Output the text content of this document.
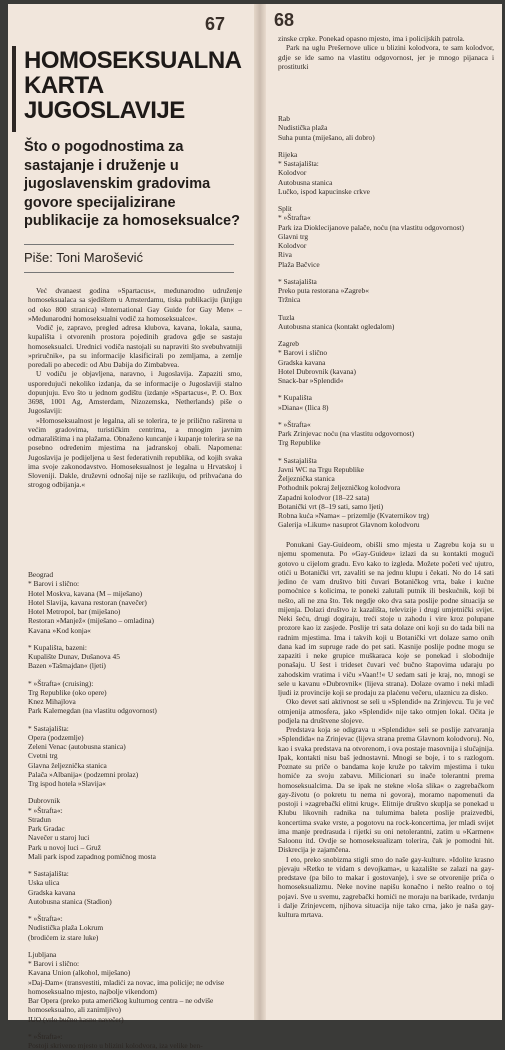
67	68
HOMOSEKSUALNA KARTA JUGOSLAVIJE

Što o pogodnostima za sastajanje i druženje u jugoslavenskim gradovima govore specijalizirane publikacije za homoseksualce?

Piše: Toni Marošević

Već dvanaest godina »Spartacus«, međunarodno udruženje homoseksualaca sa sjedištem u Amsterdamu, tiska publikaciju (knjigu od oko 800 stranica) »International Gay Guide for Gay Men« – »Međunarodni homoseksualni vodič za homoseksualce«.

Vodič je, zapravo, pregled adresa klubova, kavana, lokala, sauna, kupališta i otvorenih prostora pojedinih gradova gdje se sastaju homoseksualci. Urednici vodiča nastojali su napraviti što svebuhvatniji »priručnik«, pa su informacije klasificirali po zemljama, a zemlje poredali po abecedi: od Abu Dabija do Zimbabvea.

U vodiču je objavljena, naravno, i Jugoslavija. Zapaziti smo, usporedujući nekoliko izdanja, da se informacije o Jugoslaviji stalno dopunjuju. Evo što u jednom godištu (izdanje »Spartacus«, P. O. Box 3698, 1001 Ag, Amsterdam, Nizozemska, Netherlands) piše o Jugoslaviji:

»Homoseksualnost je legalna, ali se tolerira, te je prilično raširena u većim gradovima, turističkim centrima, a mnogim javnim odmaralištima i na plažama. Obnaženo kuncanje i kupanje tolerira se na posebno određenim mjestima na jadranskoj obali. Napomena: Jugoslavija je podijeljena u šest federativnih republika, od kojih svaka ima svoje zakonodavstvo. Homoseksualnost je legalna u Hrvatskoj i Sloveniji. Dakle, druževni odnošaj nije se razlikuju, od prihvaćana do strogog odbijanja.«

Beograd
* Barovi i slično:
Hotel Moskva, kavana (M – miješano)
Hotel Slavija, kavana restoran (navečer)
Hotel Metropol, bar (miješano)
Restoran »Manjež« (miješano – omladina)
Kavana »Kod konja«
* Kupališta, bazeni:
Kupalište Dunav, Dušanova 45
Bazen »Tašmajdan« (ljeti)
* »Štrafta« (cruising):
Trg Republike (oko opere)
Knez Mihajlova
Park Kalemegdan (na vlastitu odgovornost)
* Sastajališta:
Opera (podzemlje)
Zeleni Venac (autobusna stanica)
Cvetni trg
Glavna željeznička stanica
Palača »Albanija« (podzemni prolaz)
Trg ispod hotela »Slavija«
Dubrovnik
* »Štrafta«:
Stradun
Park Gradac
Navečer u starој luci
Park u novoj luci – Gruž
Mali park ispod zapadnog pomičnog mosta
* Sastajališta:
Uska ulica
Gradska kavana
Autobusna stanica (Stadion)
* »Štrafta«:
Nudistička plaža Lokrum
(brodićem iz stare luke)
Ljubljana
* Barovi i slično:
Kavana Union (alkohol, miješano)
»Daj-Dam« (transvestiti, mladići za novac, ima policije; ne odvise homoseksualno mjesto, najbolje vikendom)
Bar Opera (preko puta američkog kulturnog centra – ne odviše homoseksualno, ali zanimljivo)
IUO (vrlo bučno kasno navečer)
* »Štrafta«:
Postoji skriveno mjesto u blizini kolodvora, iza velike ben-

zinske crpke. Ponekad opasno mjesto, ima i policijskih patrola.

Park na uglu Prešernove ulice u blizini kolodvora, te sam kolodvor, gdje se ide samo na vlastitu odgovornost, jer je mnogo pijanaca i prostitutki

Rab
Nudistička plaža
Suha punta (miješano, ali dobro)
Rijeka
* Sastajališta:
Kolodvor
Autobusna stanica
Lučko, ispod kapucinske crkve
Split
* »Štrafta«
Park iza Dioklecijanove palače, noću (na vlastitu odgovornost)
Glavni trg
Kolodvor
Riva
Plaža Bačvice
* Sastajališta
Preko puta restorana »Zagreb«
Tržnica
Tuzla
Autobusna stanica (kontakt ogledalom)
Zagreb
* Barovi i slično
Gradska kavana
Hotel Dubrovnik (kavana)
Snack-bar »Splendid«
* Kupališta
»Diana« (Ilica 8)
* »Štrafta«
Park Zrinjevac noću (na vlastitu odgovornost)
Trg Republike
* Sastajališta
Javni WC na Trgu Republike
Željeznička stanica
Pothodnik pokraj željezničkog kolodvora
Zapadni kolodvor (18–22 sata)
Botanički vrt (8–19 sati, samo ljeti)
Robna kuća »Nama« – prizemlje (Kvaternikov trg)
Galerija »Likum« nasuprot Glavnom kolodvoru

Ponukani Gay-Guideom, obišli smo mjesta u Zagrebu koja su u njemu spomenuta. Po »Gay-Guideu« izlazi da su kontakti mogući gotovo u cijelom gradu. Evo kako to izgleda. Možete početi već ujutro, otići u Botanički vrt, zavaliti se na jednu klupu i čekati. No do 14 sati jedino će vam društvo biti čuvari Botaničkog vrta, bake i kućne pomoćnice s kolicima, te poneki zalutali putnik ili beskućnik, koji bi nešto, ali ne zna što. Tek negdje oko dva sata poslije podne situacija se mijenja. Dolazi društvo iz kazališta, televizije i drugi umjetnički svijet. Neki šeću, drugi dogiraju, treći stoje u zahodu i vire kroz polupane prozore kao iz zasjede. Poslije tri sata dolaze oni koji su do tada bili na radnim mjestima. Ima i takvih koji u Botanički vrt dolaze samo onih dana kad im supruge rade do pet sati. Kasnije poslije podne mogu se zapaziti i neke grupice muškaraca koje se ponekad i slobodnije ponašaju. U šest i trideset čuvari već bučno štapovima udaraju po zahodskim vratima i viču »Vaan!!« U sedam sati je kraj, no, mnogi se sele u kavanu »Dubrovnik« (lijeva strana). Dolaze ovamo i neki mladi ljudi iz provincije koji se prodaju za plaćenu večeru, ulaznicu za disko.

Oko devet sati aktivnost se seli u »Splendid« na Zrinjevcu. Tu je već otmjenija atmosfera, jako »Splendid« nije tako otmjen lokal. Očita je podjela na društvene slojeve.

Predstava koja se odigrava u »Splendidu« seli se poslije zatvaranja »Splendida« na Zrinjevac (lijeva strana prema Glavnom kolodvoru). No, kao i svaka predstava na otvorenom, i ova postaje masovnija i slučajnija. Ipak, kontakti nisu baš jednostavni. Mnogi se boje, i to s razlogom. Poznate su priče o bandama koje kruže po takvim mjestima i tuku homiće za svoju zabavu. Milicionari su inače tolerantni prema homoseksualcima. Da se ipak ne steknе »loša slika« o zagrebačkom gay-životu (o pokretu tu nema ni govora), moramo napomenuti da postoji i »zagrebački elitni krug«. Elitnije društvo skuplja se ponekad u Klubu likovnih radnika na tulumima baleta poslije praizvedbi, koncertima svake vrste, a pogotovu na rock-koncertima, jer mladi svijet ima manje predrasuda i rijetki su oni netolerantni, zatim u »Karmen« Saloonu itd. Ovdje se homoseksualizam tolerira, čak je pomodni hit. Diskrecija je zajamčena.

I eto, preko snobizma stigli smo do naše gay-kulture. »Idolite krasno pjevaju »Retko te vidam s devojkama«, u kazalište se zalazi na gay-predstave (pa bilo to makar i gostovanje), i sve se otvorenije priča o homoseksualizmu. Neke novine napišu konačno i nešto realno o toj pojavi. Sve u svemu, zagrebački homići ne moraju na barikade, tvrdanju i dalje Zrinjevcem, njihova situacija nije tako crna, jako je naša gay-kultura mrtava.
